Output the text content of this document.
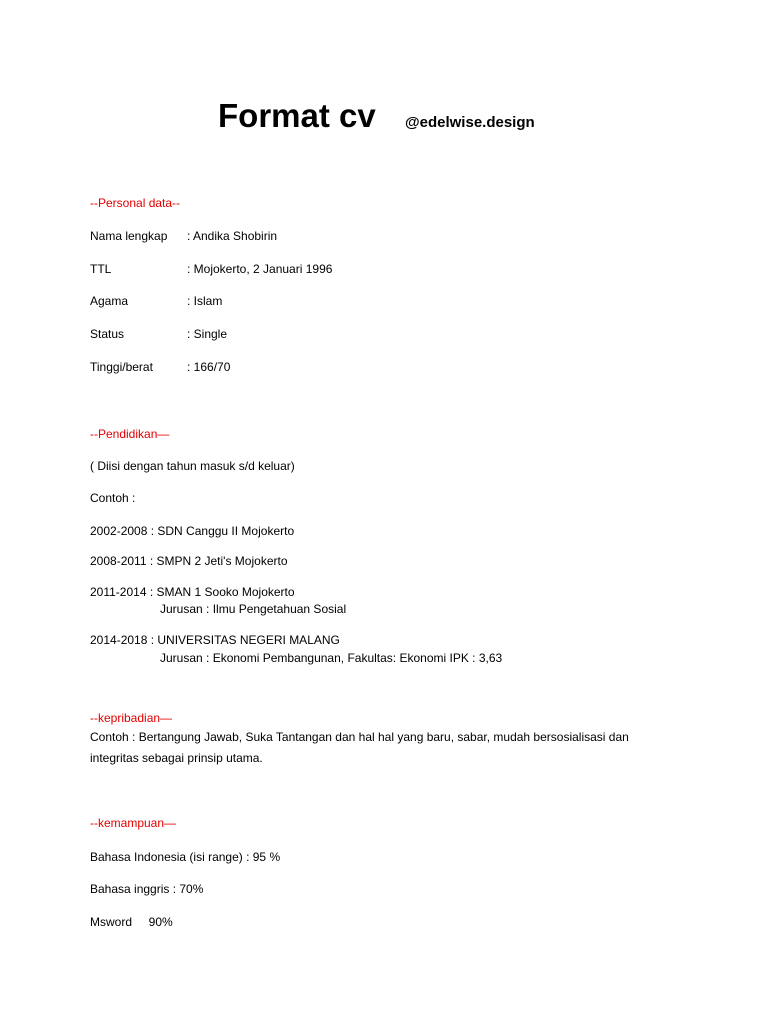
Format cv @edelwise.design
--Personal data--
Nama lengkap : Andika Shobirin
TTL	: Mojokerto, 2 Januari 1996
Agama	: Islam
Status	: Single
Tinggi/berat	: 166/70
--Pendidikan—
( Diisi dengan tahun masuk s/d keluar)
Contoh :
2002-2008 : SDN Canggu II Mojokerto
2008-2011 : SMPN 2 Jeti's Mojokerto
2011-2014 : SMAN 1 Sooko Mojokerto
Jurusan : Ilmu Pengetahuan Sosial
2014-2018 : UNIVERSITAS NEGERI MALANG
Jurusan : Ekonomi Pembangunan, Fakultas: Ekonomi IPK : 3,63
--kepribadian—
Contoh : Bertangung Jawab, Suka Tantangan dan hal hal yang baru, sabar, mudah bersosialisasi dan
integritas sebagai prinsip utama.
--kemampuan—
Bahasa Indonesia (isi range) : 95 %
Bahasa inggris : 70%
Msword     90%
